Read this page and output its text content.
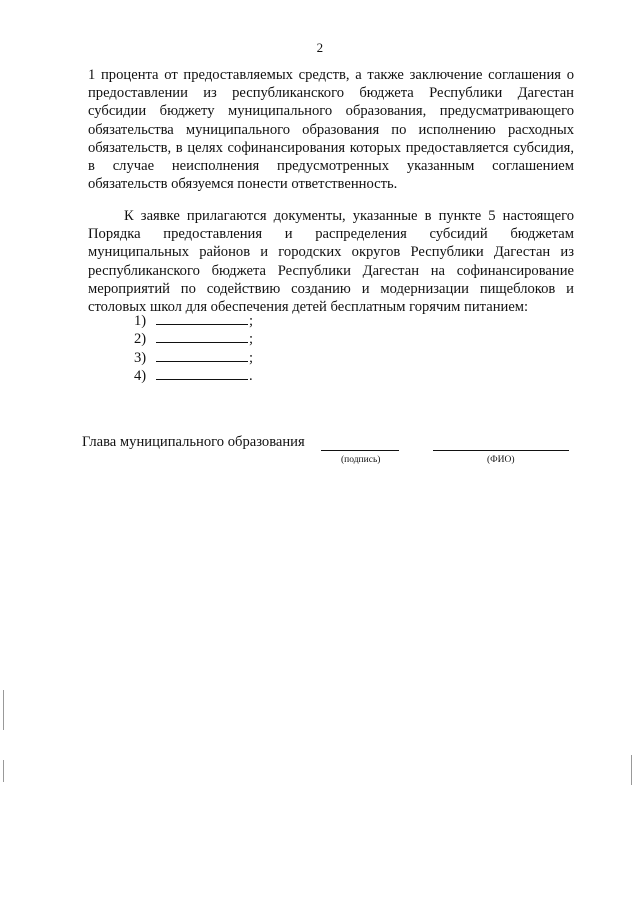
2

1 процента от предоставляемых средств, а также заключение соглашения о предоставлении из республиканского бюджета Республики Дагестан субсидии бюджету муниципального образования, предусматривающего обязательства муниципального образования по исполнению расходных обязательств, в целях софинансирования которых предоставляется субсидия, в случае неисполнения предусмотренных указанным соглашением обязательств обязуемся понести ответственность.

К заявке прилагаются документы, указанные в пункте 5 настоящего Порядка предоставления и распределения субсидий бюджетам муниципальных районов и городских округов Республики Дагестан из республиканского бюджета Республики Дагестан на софинансирование мероприятий по содействию созданию и модернизации пищеблоков и столовых школ для обеспечения детей бесплатным горячим питанием:

1)	;
2)	;
3)	;
4)	.
Глава муниципального образования
(подпись)	(ФИО)
